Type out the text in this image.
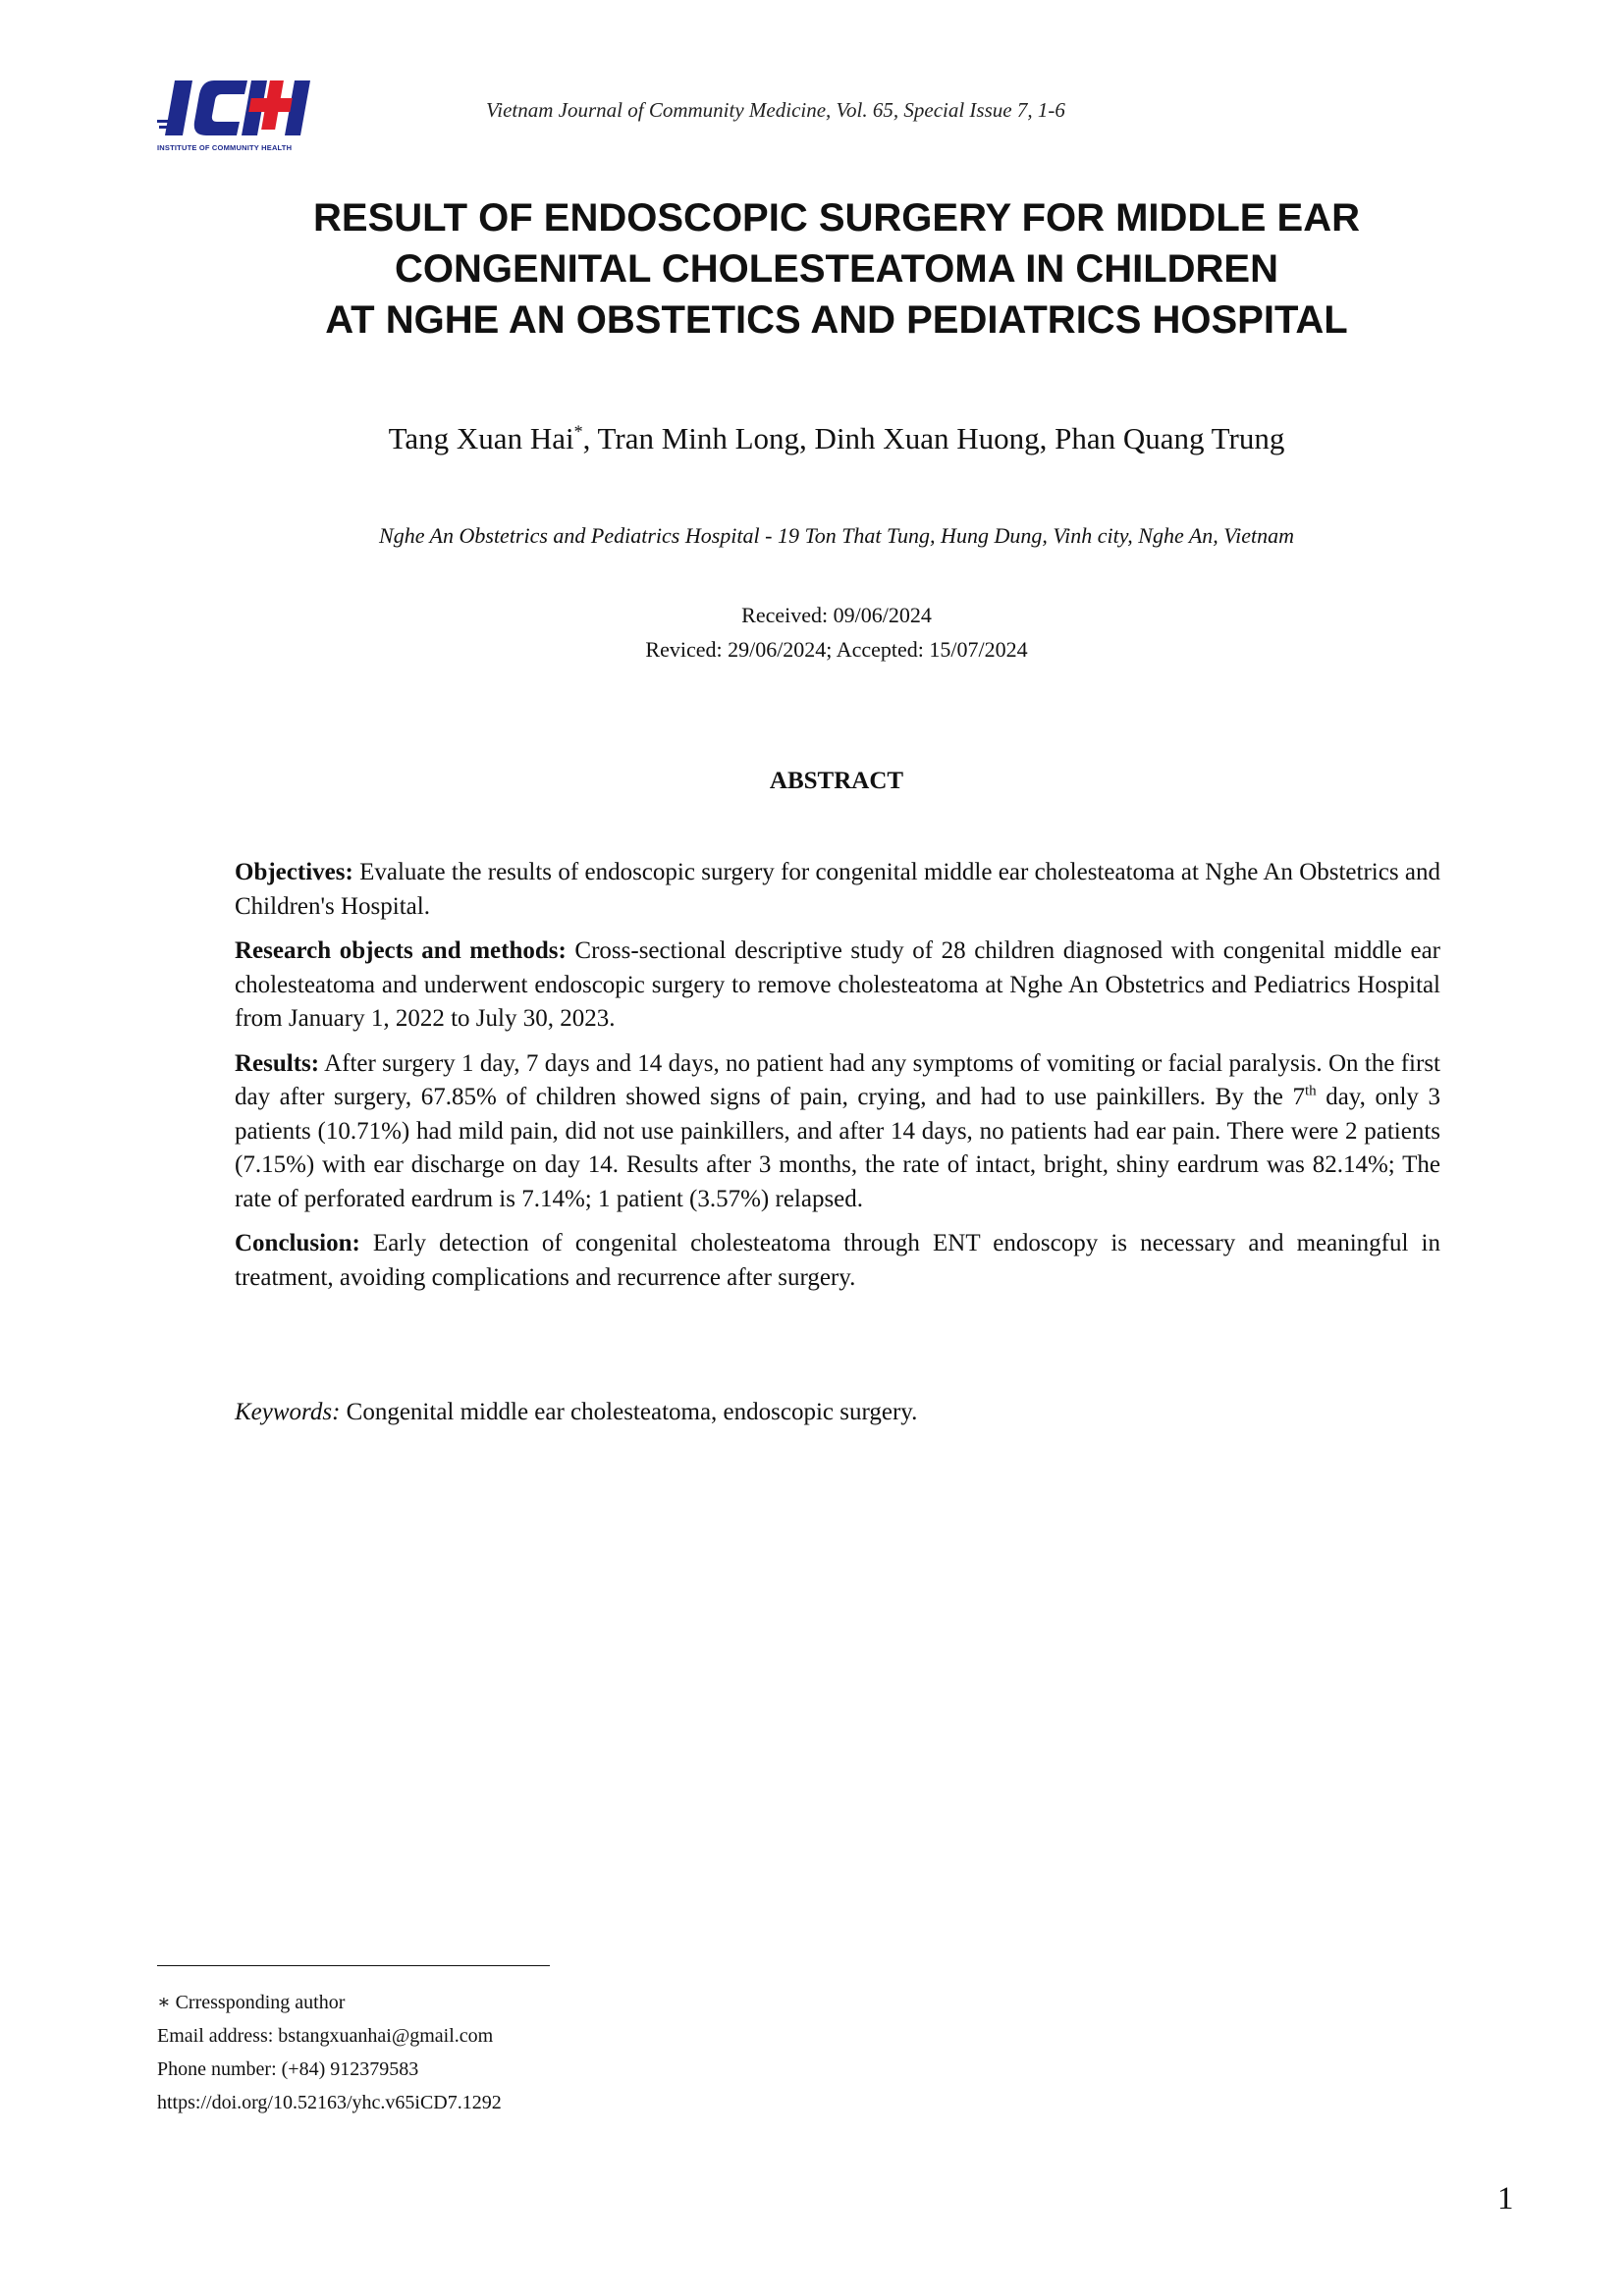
INSTITUTE OF COMMUNITY HEALTH
Vietnam Journal of Community Medicine, Vol. 65, Special Issue 7, 1-6
RESULT OF ENDOSCOPIC SURGERY FOR MIDDLE EAR
CONGENITAL CHOLESTEATOMA IN CHILDREN
AT NGHE AN OBSTETICS AND PEDIATRICS HOSPITAL
Tang Xuan Hai*, Tran Minh Long, Dinh Xuan Huong, Phan Quang Trung
Nghe An Obstetrics and Pediatrics Hospital - 19 Ton That Tung, Hung Dung, Vinh city, Nghe An, Vietnam
Received: 09/06/2024
Reviced: 29/06/2024; Accepted: 15/07/2024
ABSTRACT

Objectives: Evaluate the results of endoscopic surgery for congenital middle ear cholesteatoma at Nghe An Obstetrics and Children's Hospital.

Research objects and methods: Cross-sectional descriptive study of 28 children diagnosed with congenital middle ear cholesteatoma and underwent endoscopic surgery to remove cholesteatoma at Nghe An Obstetrics and Pediatrics Hospital from January 1, 2022 to July 30, 2023.

Results: After surgery 1 day, 7 days and 14 days, no patient had any symptoms of vomiting or facial paralysis. On the first day after surgery, 67.85% of children showed signs of pain, crying, and had to use painkillers. By the 7th day, only 3 patients (10.71%) had mild pain, did not use painkillers, and after 14 days, no patients had ear pain. There were 2 patients (7.15%) with ear discharge on day 14. Results after 3 months, the rate of intact, bright, shiny eardrum was 82.14%; The rate of perforated eardrum is 7.14%; 1 patient (3.57%) relapsed.

Conclusion: Early detection of congenital cholesteatoma through ENT endoscopy is necessary and meaningful in treatment, avoiding complications and recurrence after surgery.

Keywords: Congenital middle ear cholesteatoma, endoscopic surgery.
∗ Crressponding author
Email address: bstangxuanhai@gmail.com
Phone number: (+84) 912379583
https://doi.org/10.52163/yhc.v65iCD7.1292
1
